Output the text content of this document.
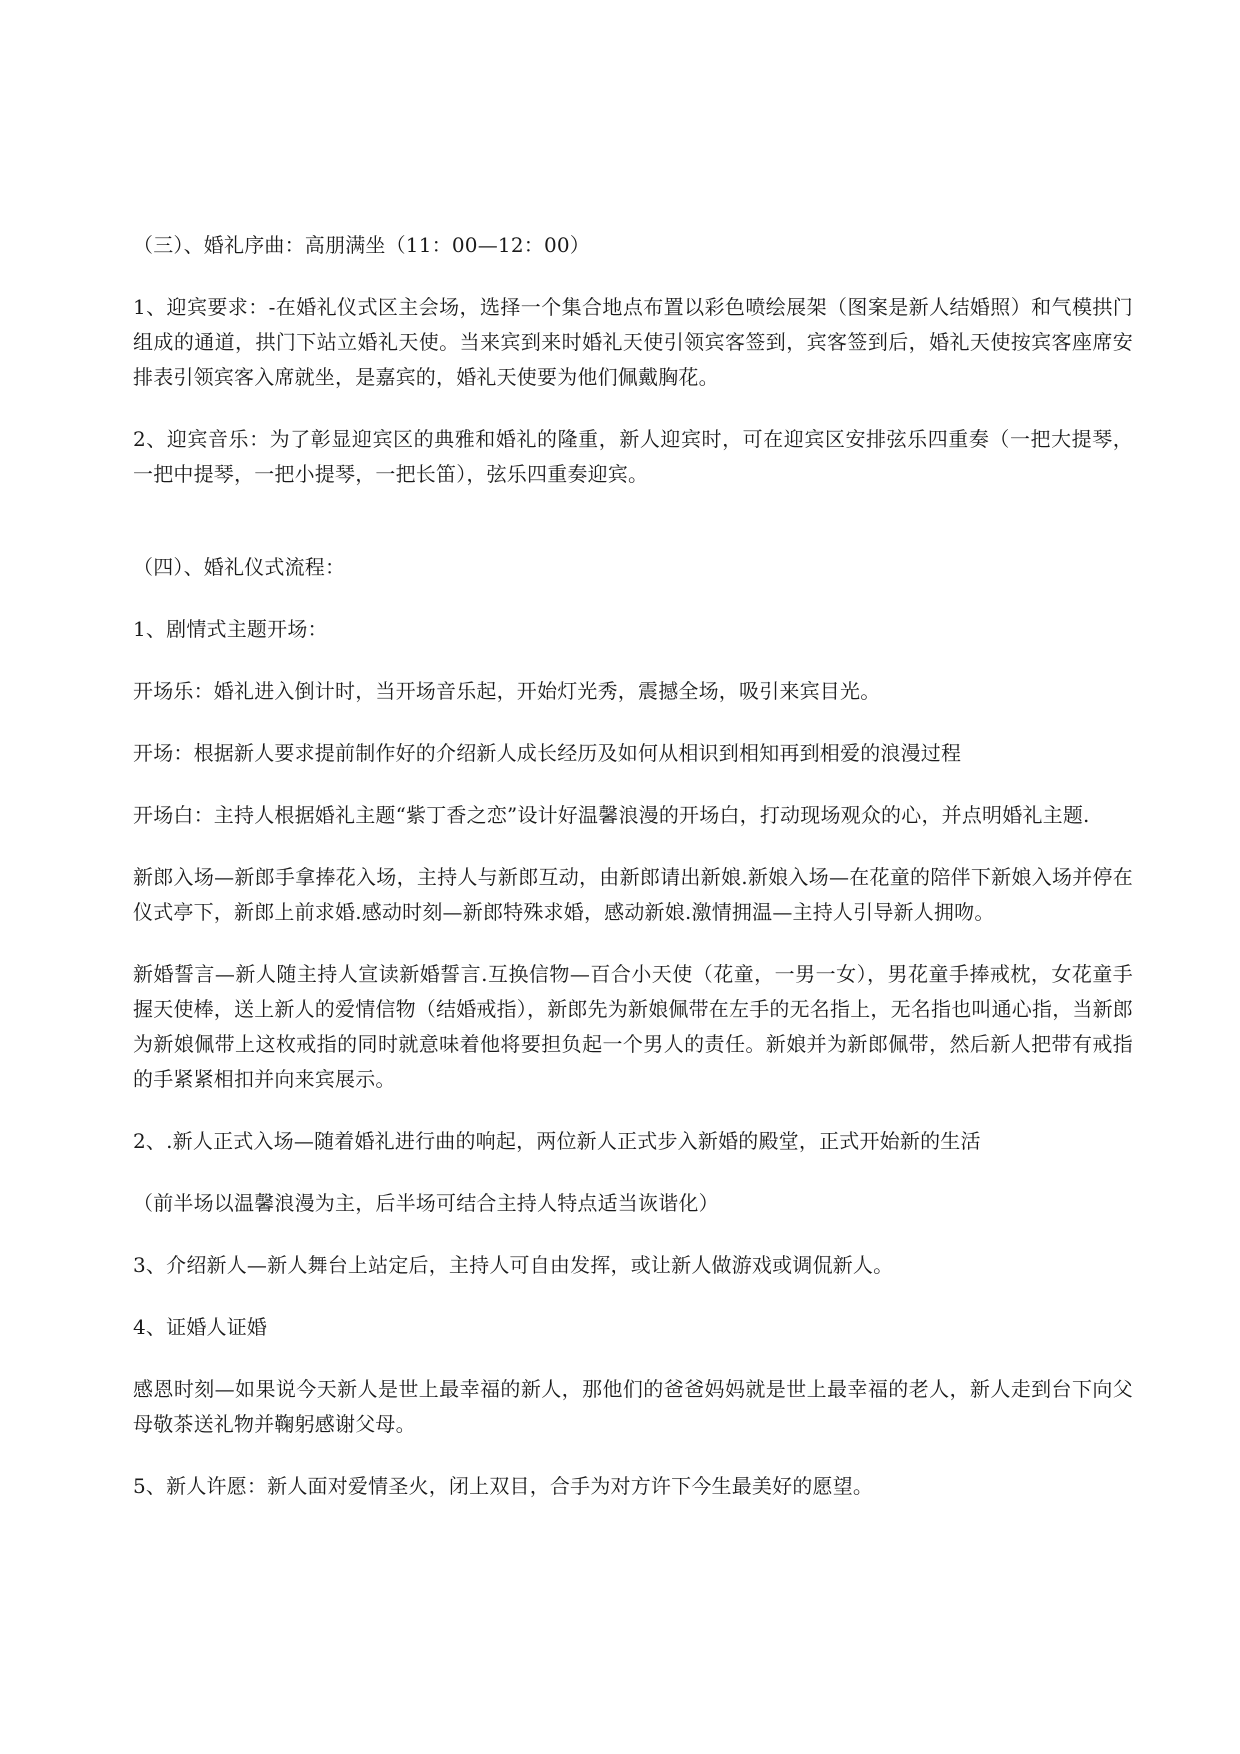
（三）、婚礼序曲：高朋满坐（11：00—12：00）

1、迎宾要求：-在婚礼仪式区主会场，选择一个集合地点布置以彩色喷绘展架（图案是新人结婚照）和气模拱门组成的通道，拱门下站立婚礼天使。当来宾到来时婚礼天使引领宾客签到，宾客签到后，婚礼天使按宾客座席安排表引领宾客入席就坐，是嘉宾的，婚礼天使要为他们佩戴胸花。

2、迎宾音乐：为了彰显迎宾区的典雅和婚礼的隆重，新人迎宾时，可在迎宾区安排弦乐四重奏（一把大提琴，一把中提琴，一把小提琴，一把长笛），弦乐四重奏迎宾。

（四）、婚礼仪式流程：

1、剧情式主题开场：

开场乐：婚礼进入倒计时，当开场音乐起，开始灯光秀，震撼全场，吸引来宾目光。

开场：根据新人要求提前制作好的介绍新人成长经历及如何从相识到相知再到相爱的浪漫过程

开场白：主持人根据婚礼主题“紫丁香之恋”设计好温馨浪漫的开场白，打动现场观众的心，并点明婚礼主题.

新郎入场—新郎手拿捧花入场，主持人与新郎互动，由新郎请出新娘.新娘入场—在花童的陪伴下新娘入场并停在仪式亭下，新郎上前求婚.感动时刻—新郎特殊求婚，感动新娘.激情拥温—主持人引导新人拥吻。

新婚誓言—新人随主持人宣读新婚誓言.互换信物—百合小天使（花童，一男一女），男花童手捧戒枕，女花童手握天使棒，送上新人的爱情信物（结婚戒指），新郎先为新娘佩带在左手的无名指上，无名指也叫通心指，当新郎为新娘佩带上这枚戒指的同时就意味着他将要担负起一个男人的责任。新娘并为新郎佩带，然后新人把带有戒指的手紧紧相扣并向来宾展示。

2、.新人正式入场—随着婚礼进行曲的响起，两位新人正式步入新婚的殿堂，正式开始新的生活

（前半场以温馨浪漫为主，后半场可结合主持人特点适当诙谐化）

3、介绍新人—新人舞台上站定后，主持人可自由发挥，或让新人做游戏或调侃新人。

4、证婚人证婚

感恩时刻—如果说今天新人是世上最幸福的新人，那他们的爸爸妈妈就是世上最幸福的老人，新人走到台下向父母敬茶送礼物并鞠躬感谢父母。

5、新人许愿：新人面对爱情圣火，闭上双目，合手为对方许下今生最美好的愿望。
